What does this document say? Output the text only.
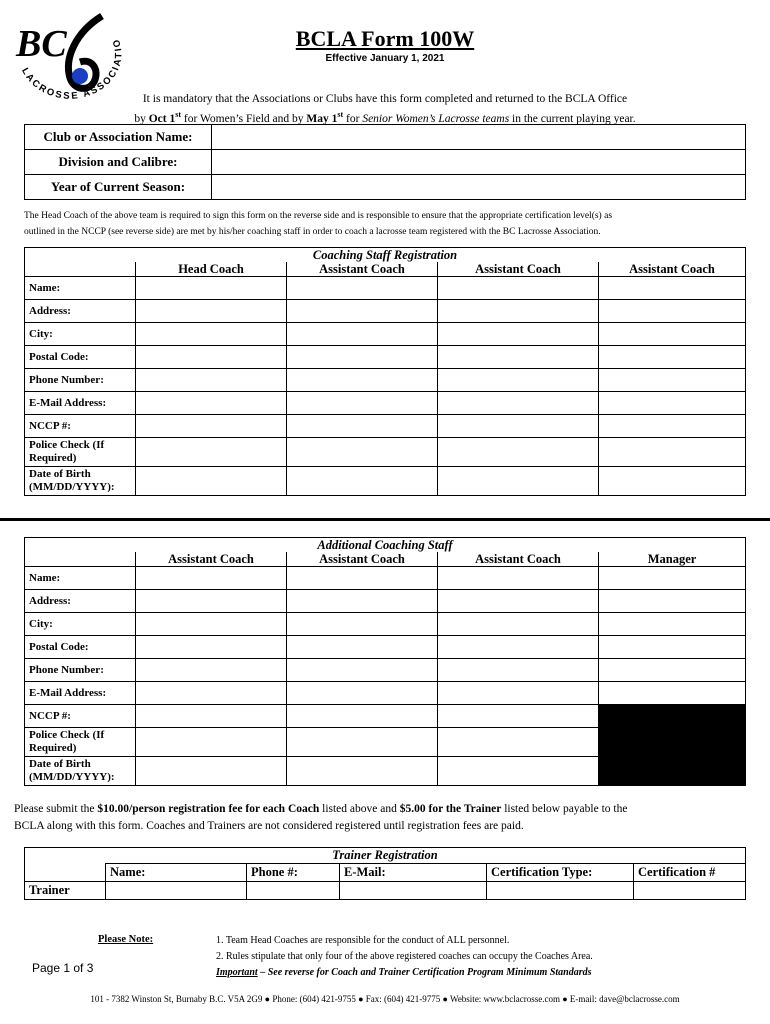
BC
LACROSSE ASSOCIATIO	BCLA Form 100W
Effective January 1, 2021
It is mandatory that the Associations or Clubs have this form completed and returned to the BCLA Office
by Oct 1st for Women’s Field and by May 1st for Senior Women’s Lacrosse teams in the current playing year.
Club or Association Name:	
Division and Calibre:	
Year of Current Season:	
The Head Coach of the above team is required to sign this form on the reverse side and is responsible to ensure that the appropriate certification level(s) as
outlined in the NCCP (see reverse side) are met by his/her coaching staff in order to coach a lacrosse team registered with the BC Lacrosse Association.
Coaching Staff Registration				
	Head Coach	Assistant Coach	Assistant Coach	Assistant Coach
Name:				
Address:				
City:				
Postal Code:				
Phone Number:				
E-Mail Address:				
NCCP #:				
Police Check (If Required)				
Date of Birth (MM/DD/YYYY):				
Additional Coaching Staff				
	Assistant Coach	Assistant Coach	Assistant Coach	Manager
Name:				
Address:				
City:				
Postal Code:				
Phone Number:				
E-Mail Address:				
NCCP #:				
Police Check (If Required)				
Date of Birth (MM/DD/YYYY):				
Please submit the $10.00/person registration fee for each Coach listed above and $5.00 for the Trainer listed below payable to the
BCLA along with this form. Coaches and Trainers are not considered registered until registration fees are paid.
Trainer Registration					
	Name:	Phone #:	E-Mail:	Certification Type:	Certification #
Trainer					
Please Note:	1. Team Head Coaches are responsible for the conduct of ALL personnel.
2. Rules stipulate that only four of the above registered coaches can occupy the Coaches Area.
Important – See reverse for Coach and Trainer Certification Program Minimum Standards
Page 1 of 3
101 - 7382 Winston St, Burnaby B.C. V5A 2G9 ● Phone: (604) 421-9755 ● Fax: (604) 421-9775 ● Website: www.bclacrosse.com ● E-mail: dave@bclacrosse.com
